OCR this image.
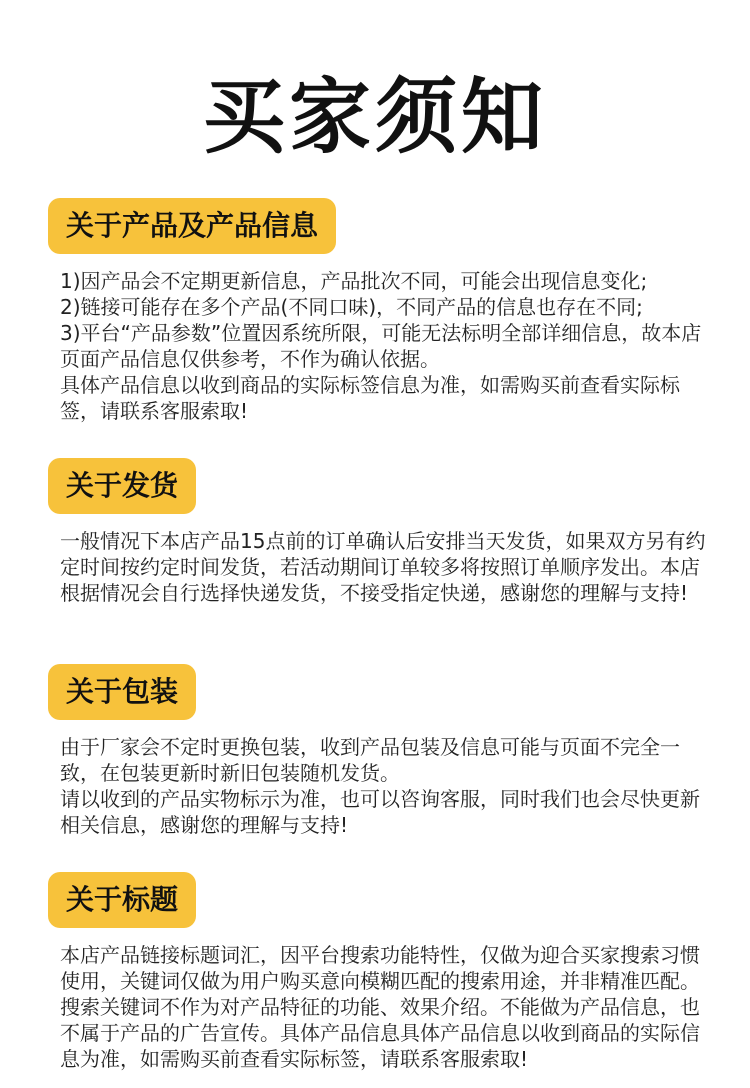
买家须知
关于产品及产品信息

1)因产品会不定期更新信息，产品批次不同，可能会出现信息变化;

2)链接可能存在多个产品(不同口味)，不同产品的信息也存在不同;

3)平台“产品参数”位置因系统所限，可能无法标明全部详细信息，故本店页面产品信息仅供参考，不作为确认依据。

具体产品信息以收到商品的实际标签信息为准，如需购买前查看实际标签，请联系客服索取!

关于发货

一般情况下本店产品15点前的订单确认后安排当天发货，如果双方另有约定时间按约定时间发货，若活动期间订单较多将按照订单顺序发出。本店根据情况会自行选择快递发货，不接受指定快递，感谢您的理解与支持!

关于包装

由于厂家会不定时更换包装，收到产品包装及信息可能与页面不完全一致，在包装更新时新旧包装随机发货。

请以收到的产品实物标示为准，也可以咨询客服，同时我们也会尽快更新相关信息，感谢您的理解与支持!

关于标题

本店产品链接标题词汇，因平台搜索功能特性，仅做为迎合买家搜索习惯使用，关键词仅做为用户购买意向模糊匹配的搜索用途，并非精准匹配。搜索关键词不作为对产品特征的功能、效果介绍。不能做为产品信息，也不属于产品的广告宣传。具体产品信息具体产品信息以收到商品的实际信息为准，如需购买前查看实际标签，请联系客服索取!
